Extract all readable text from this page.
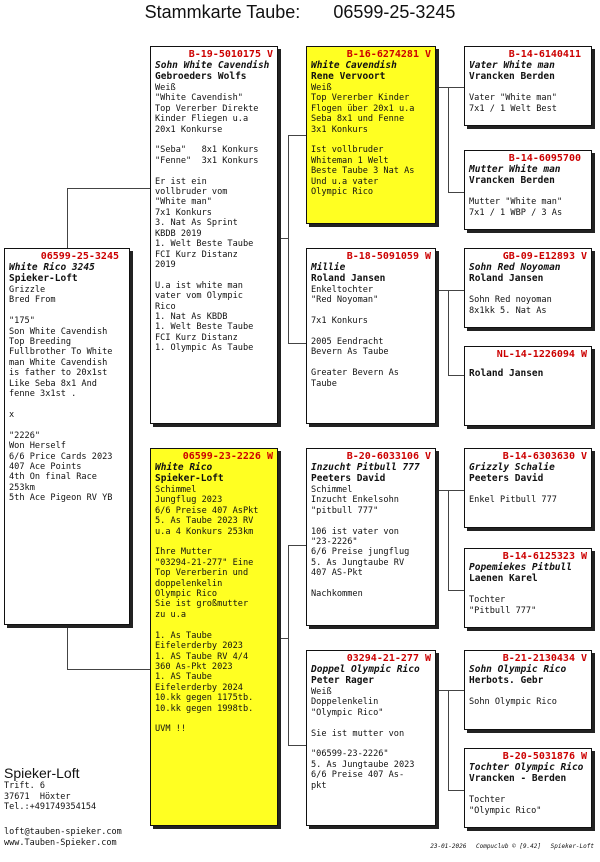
Stammkarte Taube: 06599-25-3245
06599-25-3245
White Rico 3245
Spieker-Loft
Grizzle
Bred From

"175"
Son White Cavendish
Top Breeding
Fullbrother To White
man White Cavendish
is father to 20x1st
Like Seba 8x1 And
fenne 3x1st .

x

"2226"
Won Herself
6/6 Price Cards 2023
407 Ace Points
4th On final Race
253km
5th Ace Pigeon RV YB
B-19-5010175 V
Sohn White Cavendish
Gebroeders Wolfs
Weiß
"White Cavendish"
Top Vererber Direkte
Kinder Fliegen u.a
20x1 Konkurse

"Seba"   8x1 Konkurs
"Fenne"  3x1 Konkurs

Er ist ein
vollbruder vom
"White man"
7x1 Konkurs
3. Nat As Sprint
KBDB 2019
1. Welt Beste Taube
FCI Kurz Distanz
2019

U.a ist white man
vater vom Olympic
Rico
1. Nat As KBDB
1. Welt Beste Taube
FCI Kurz Distanz
1. Olympic As Taube
06599-23-2226 W
White Rico
Spieker-Loft
Schimmel
Jungflug 2023
6/6 Preise 407 AsPkt
5. As Taube 2023 RV
u.a 4 Konkurs 253km

Ihre Mutter
"03294-21-277" Eine
Top Vererberin und
doppelenkelin
Olympic Rico
Sie ist großmutter
zu u.a

1. As Taube
Eifelerderby 2023
1. AS Taube RV 4/4
360 As-Pkt 2023
1. AS Taube
Eifelerderby 2024
10.kk gegen 1175tb.
10.kk gegen 1998tb.

UVM !!
B-16-6274281 V
White Cavendish
Rene Vervoort
Weiß
Top Vererber Kinder
Flogen über 20x1 u.a
Seba 8x1 und Fenne
3x1 Konkurs

Ist vollbruder
Whiteman 1 Welt
Beste Taube 3 Nat As
Und u.a vater
Olympic Rico
B-18-5091059 W
Millie
Roland Jansen
Enkeltochter
"Red Noyoman"

7x1 Konkurs

2005 Eendracht
Bevern As Taube

Greater Bevern As
Taube
B-20-6033106 V
Inzucht Pitbull 777
Peeters David
Schimmel
Inzucht Enkelsohn
"pitbull 777"

106 ist vater von
"23-2226"
6/6 Preise jungflug
5. As Jungtaube RV
407 AS-Pkt

Nachkommen
03294-21-277 W
Doppel Olympic Rico
Peter Rager
Weiß
Doppelenkelin
"Olympic Rico"

Sie ist mutter von

"06599-23-2226"
5. As Jungtaube 2023
6/6 Preise 407 As-
pkt
B-14-6140411
Vater White man
Vrancken Berden

Vater "White man"
7x1 / 1 Welt Best
B-14-6095700
Mutter White man
Vrancken Berden

Mutter "White man"
7x1 / 1 WBP / 3 As
GB-09-E12893 V
Sohn Red Noyoman
Roland Jansen

Sohn Red noyoman
8x1kk 5. Nat As
NL-14-1226094 W
Roland Jansen
B-14-6303630 V
Grizzly Schalie
Peeters David

Enkel Pitbull 777
B-14-6125323 W
Popemiekes Pitbull
Laenen Karel

Tochter
"Pitbull 777"
B-21-2130434 V
Sohn Olympic Rico
Herbots. Gebr

Sohn Olympic Rico
B-20-5031876 W
Tochter Olympic Rico
Vrancken - Berden

Tochter
"Olympic Rico"
Spieker-Loft
Trift. 6
37671  Höxter
Tel.:+491749354154
loft@tauben-spieker.com
www.Tauben-Spieker.com	23-01-2026 Compuclub © [9.42] Spieker-Loft
